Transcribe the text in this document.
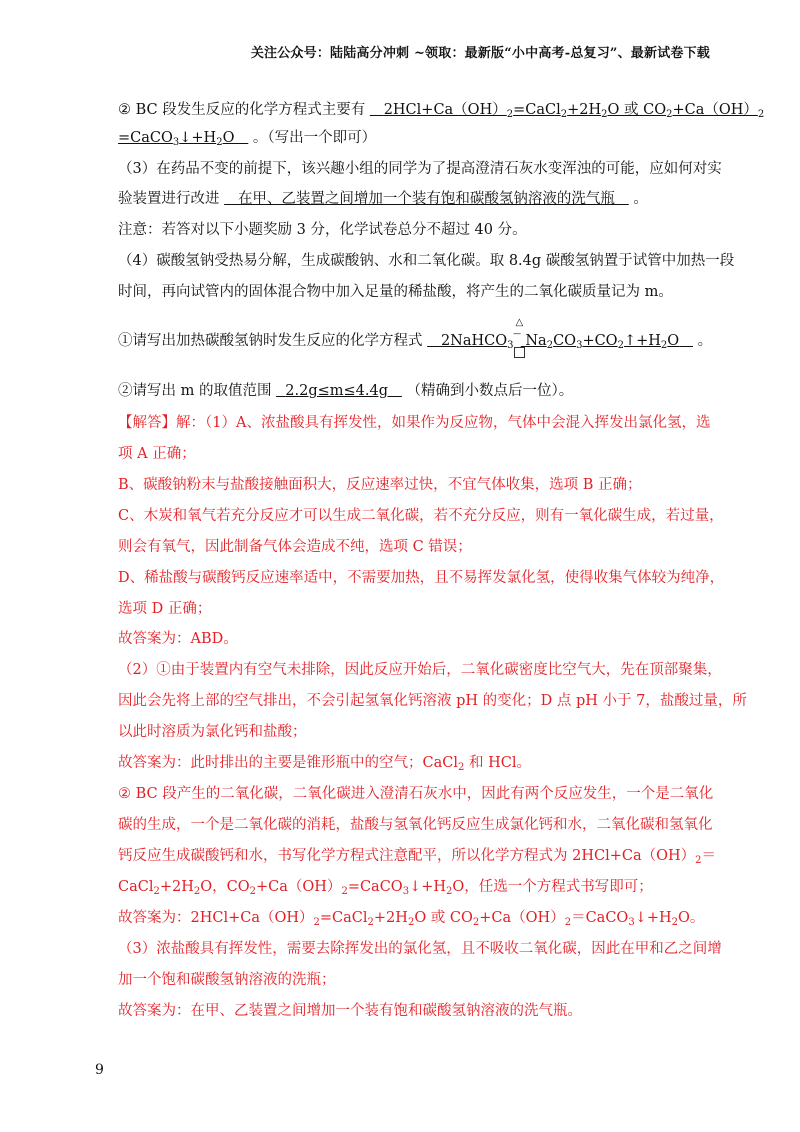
关注公众号：陆陆高分冲刺 ~领取：最新版“小中高考-总复习”、最新试卷下载
② BC 段发生反应的化学方程式主要有    $2HCl+Ca(OH)_2=CaCl_2+2H_2O$ 或 $CO_2+Ca(OH)_2$
$=CaCO_3↓+H_2O$    。（写出一个即可）
（3）在药品不变的前提下，该兴趣小组的同学为了提高澄清石灰水变浑浊的可能，应如何对实
验装置进行改进    在甲、乙装置之间增加一个装有饱和碳酸氢钠溶液的洗气瓶    。
注意：若答对以下小题奖励 3 分，化学试卷总分不超过 40 分。
（4）碳酸氢钠受热易分解，生成碳酸钠、水和二氧化碳。取 8.4g 碳酸氢钠置于试管中加热一段
时间，再向试管内的固体混合物中加入足量的稀盐酸，将产生的二氧化碳质量记为 m。
①请写出加热碳酸氢钠时发生反应的化学方程式    2NaHCO$_3$
△
‾ $Na_2CO_3+CO_2↑+H_2O$    。
②请写出 m 的取值范围   2.2g≤m≤4.4g    （精确到小数点后一位）。
【解答】解：（1）A、浓盐酸具有挥发性，如果作为反应物，气体中会混入挥发出氯化氢，选
项 A 正确；
B、碳酸钠粉末与盐酸接触面积大，反应速率过快，不宜气体收集，选项 B 正确；
C、木炭和氧气若充分反应才可以生成二氧化碳，若不充分反应，则有一氧化碳生成，若过量，
则会有氧气，因此制备气体会造成不纯，选项 C 错误；
D、稀盐酸与碳酸钙反应速率适中，不需要加热，且不易挥发氯化氢，使得收集气体较为纯净，
选项 D 正确；
故答案为：ABD。
（2）①由于装置内有空气未排除，因此反应开始后，二氧化碳密度比空气大，先在顶部聚集，
因此会先将上部的空气排出，不会引起氢氧化钙溶液 pH 的变化；D 点 pH 小于 7，盐酸过量，所
以此时溶质为氯化钙和盐酸；
故答案为：此时排出的主要是锥形瓶中的空气；CaCl$_2$ 和 HCl。
② BC 段产生的二氧化碳，二氧化碳进入澄清石灰水中，因此有两个反应发生，一个是二氧化
碳的生成，一个是二氧化碳的消耗，盐酸与氢氧化钙反应生成氯化钙和水，二氧化碳和氢氧化
钙反应生成碳酸钙和水，书写化学方程式注意配平，所以化学方程式为 $2HCl+Ca(OH)_2=$
$CaCl_2+2H_2O$，$CO_2+Ca(OH)_2=CaCO_3↓+H_2O$，任选一个方程式书写即可；
故答案为：$2HCl+Ca(OH)_2=CaCl_2+2H_2O$ 或 $CO_2+Ca(OH)_2=CaCO_3↓+H_2O$。
（3）浓盐酸具有挥发性，需要去除挥发出的氯化氢，且不吸收二氧化碳，因此在甲和乙之间增
加一个饱和碳酸氢钠溶液的洗瓶；
故答案为：在甲、乙装置之间增加一个装有饱和碳酸氢钠溶液的洗气瓶。
9
